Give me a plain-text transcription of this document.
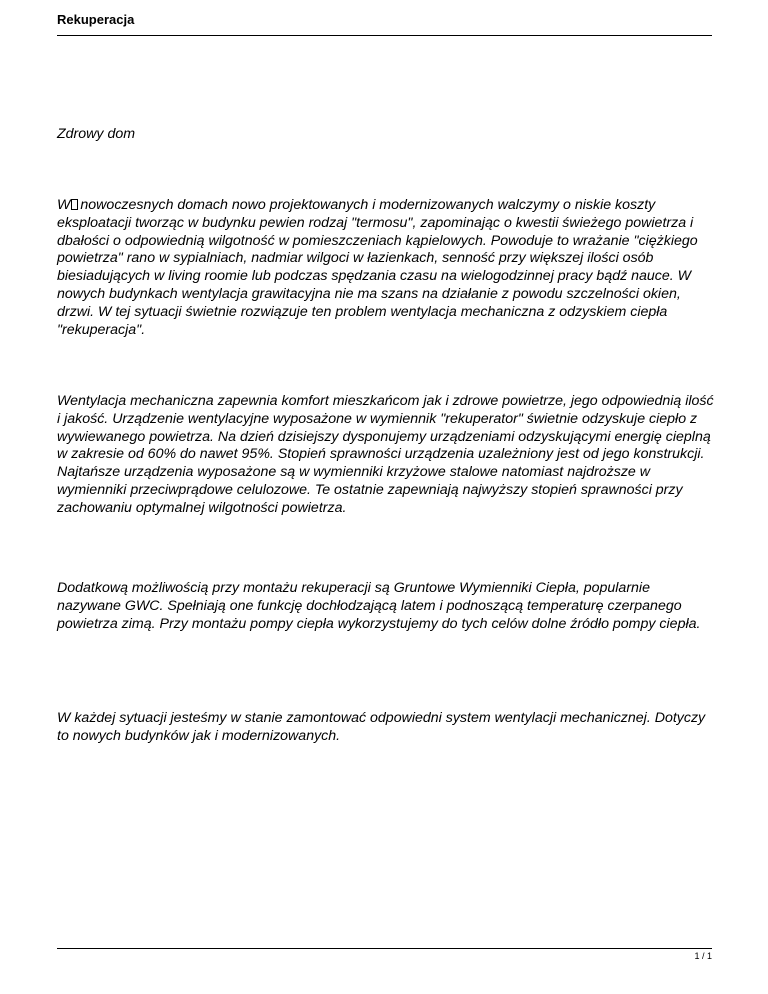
Rekuperacja
Zdrowy dom

W nowoczesnych domach nowo projektowanych i modernizowanych walczymy o niskie koszty eksploatacji tworząc w budynku pewien rodzaj "termosu", zapominając o kwestii świeżego powietrza i dbałości o odpowiednią wilgotność w pomieszczeniach kąpielowych. Powoduje to wrażanie "ciężkiego powietrza" rano w sypialniach, nadmiar wilgoci w łazienkach, senność przy większej ilości osób biesiadujących w living roomie lub podczas spędzania czasu na wielogodzinnej pracy bądź nauce. W nowych budynkach wentylacja grawitacyjna nie ma szans na działanie z powodu szczelności okien, drzwi. W tej sytuacji świetnie rozwiązuje ten problem wentylacja mechaniczna z odzyskiem ciepła "rekuperacja".

Wentylacja mechaniczna zapewnia komfort mieszkańcom jak i zdrowe powietrze, jego odpowiednią ilość i jakość. Urządzenie wentylacyjne wyposażone w wymiennik "rekuperator" świetnie odzyskuje ciepło z wywiewanego powietrza. Na dzień dzisiejszy dysponujemy urządzeniami odzyskującymi energię cieplną w zakresie od 60% do nawet 95%. Stopień sprawności urządzenia uzależniony jest od jego konstrukcji. Najtańsze urządzenia wyposażone są w wymienniki krzyżowe stalowe natomiast najdroższe w wymienniki przeciwprądowe celulozowe. Te ostatnie zapewniają najwyższy stopień sprawności przy zachowaniu optymalnej wilgotności powietrza.

Dodatkową możliwością przy montażu rekuperacji są Gruntowe Wymienniki Ciepła, popularnie nazywane GWC. Spełniają one funkcję dochłodzającą latem i podnoszącą temperaturę czerpanego powietrza zimą. Przy montażu pompy ciepła wykorzystujemy do tych celów dolne źródło pompy ciepła.

W każdej sytuacji jesteśmy w stanie zamontować odpowiedni system wentylacji mechanicznej. Dotyczy to nowych budynków jak i modernizowanych.

1 / 1
